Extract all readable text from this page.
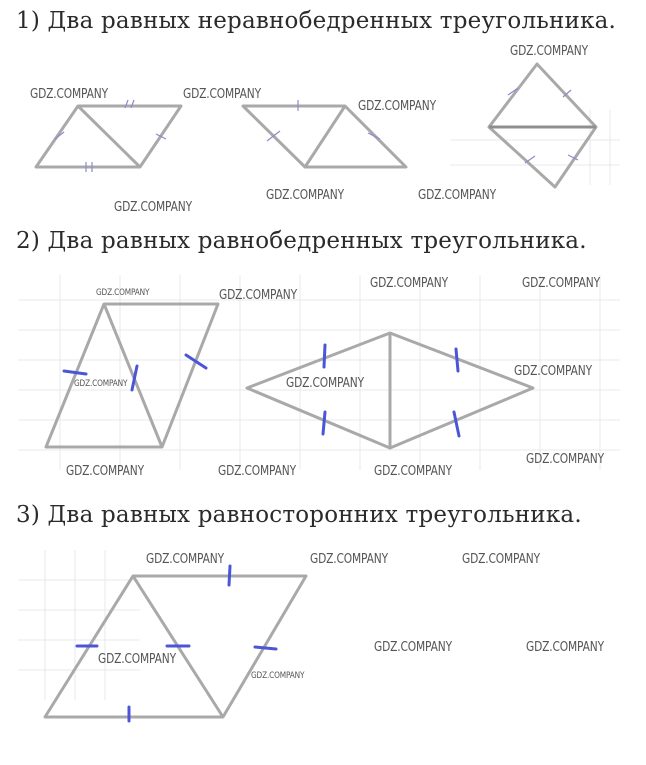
1) Два равных неравнобедренных треугольника.
2) Два равных равнобедренных треугольника.
3) Два равных равносторонних треугольника.
GDZ.COMPANY	GDZ.COMPANY
GDZ.COMPANY
GDZ.COMPANY
GDZ.COMPANY
GDZ.COMPANY	GDZ.COMPANY
GDZ.COMPANY	GDZ.COMPANY
GDZ.COMPANY	GDZ.COMPANY
GDZ.COMPANY	GDZ.COMPANY
GDZ.COMPANY
GDZ.COMPANY	GDZ.COMPANY	GDZ.COMPANY
GDZ.COMPANY
GDZ.COMPANY	GDZ.COMPANY	GDZ.COMPANY
GDZ.COMPANY
GDZ.COMPANY
GDZ.COMPANY	GDZ.COMPANY
